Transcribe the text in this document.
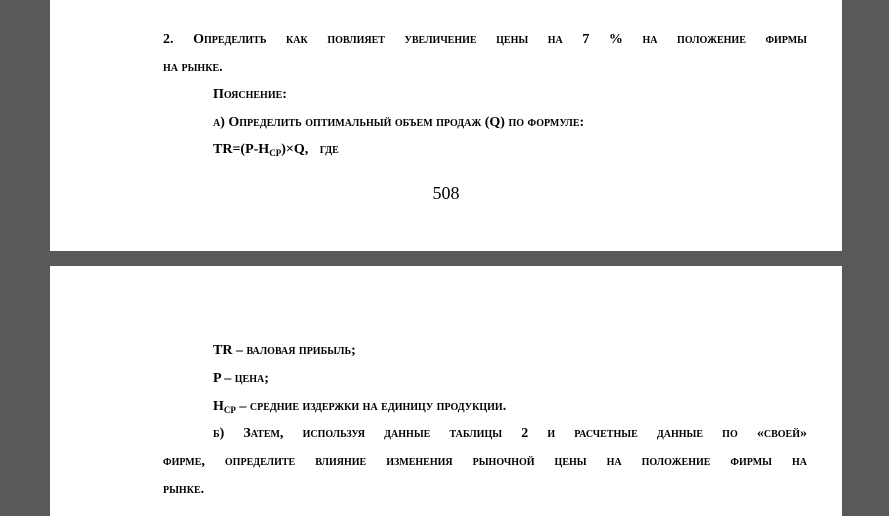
2. Определить как повлияет увеличение цены на 7 % на положение фирмы
на рынке.
Пояснение:
а) Определить оптимальный объем продаж (Q) по формуле:
$TR=(P-H_{СР})\times Q$, где
508
TR – валовая прибыль;
P – цена;
$Н_{СР}$ – средние издержки на единицу продукции.
б) Затем, используя данные таблицы 2 и расчетные данные по «своей»
фирме, определите влияние изменения рыночной цены на положение фирмы на
рынке.
